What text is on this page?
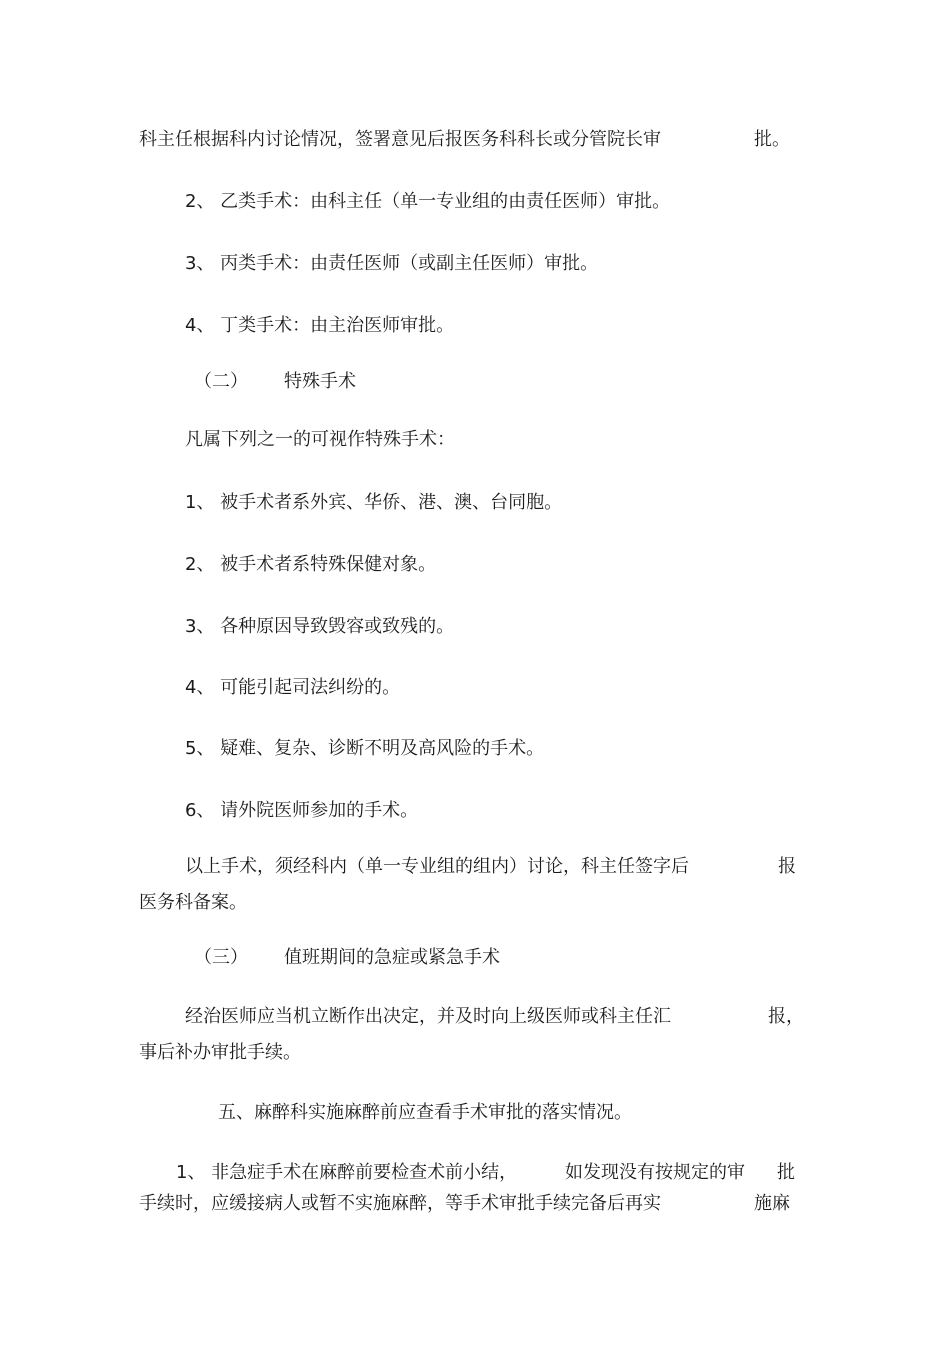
科主任根据科内讨论情况，签署意见后报医务科科长或分管院长审	批。
2、 乙类手术：由科主任（单一专业组的由责任医师）审批。
3、 丙类手术：由责任医师（或副主任医师）审批。
4、 丁类手术：由主治医师审批。
（二） 特殊手术
凡属下列之一的可视作特殊手术：
1、 被手术者系外宾、华侨、港、澳、台同胞。
2、 被手术者系特殊保健对象。
3、 各种原因导致毁容或致残的。
4、 可能引起司法纠纷的。
5、 疑难、复杂、诊断不明及高风险的手术。
6、 请外院医师参加的手术。
以上手术，须经科内（单一专业组的组内）讨论，科主任签字后	报
医务科备案。
（三） 值班期间的急症或紧急手术
经治医师应当机立断作出决定，并及时向上级医师或科主任汇	报，
事后补办审批手续。
五、麻醉科实施麻醉前应查看手术审批的落实情况。
1、 非急症手术在麻醉前要检查术前小结，	如发现没有按规定的审 批
手续时，应缓接病人或暂不实施麻醉，等手术审批手续完备后再实	施麻
